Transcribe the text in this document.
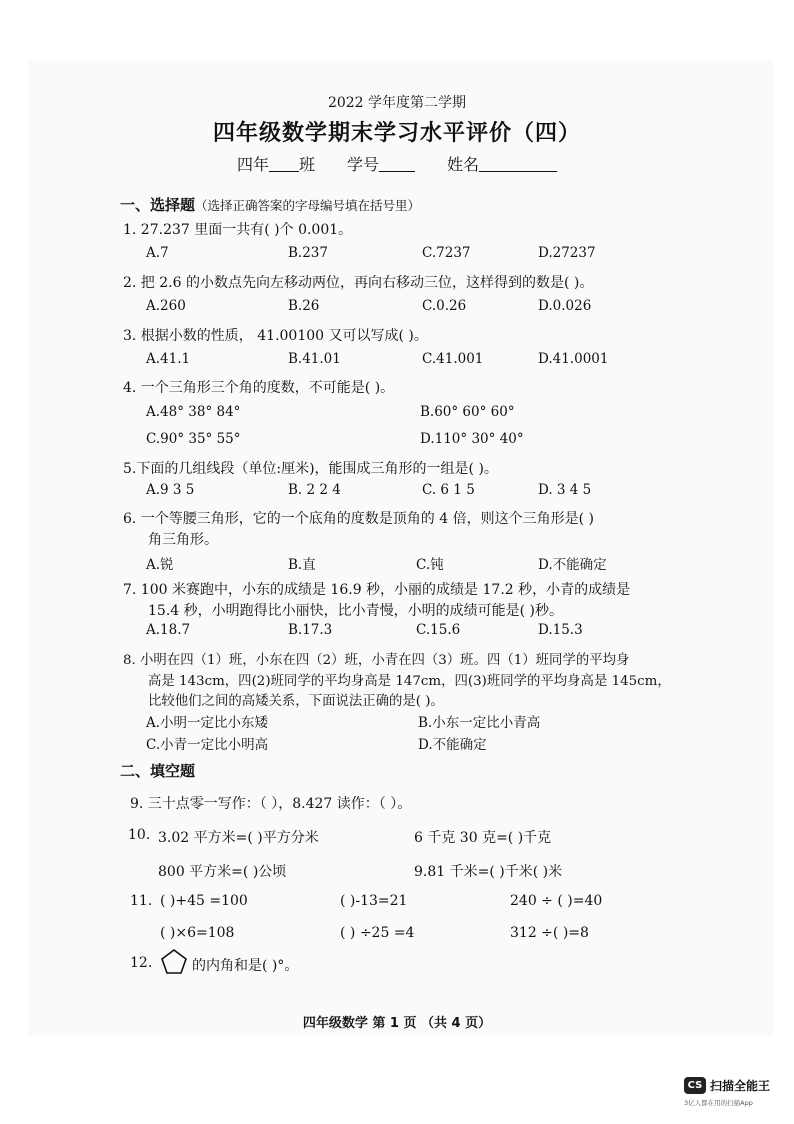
2022 学年度第二学期
四年级数学期末学习水平评价（四）
四年 班 学号	姓名
一、选择题（选择正确答案的字母编号填在括号里）
1. 27.237 里面一共有( )个 0.001。
A.7	B.237	C.7237	D.27237
2. 把 2.6 的小数点先向左移动两位，再向右移动三位，这样得到的数是( )。
A.260	B.26	C.0.26	D.0.026
3. 根据小数的性质， 41.00100 又可以写成( )。
A.41.1	B.41.01	C.41.001	D.41.0001
4. 一个三角形三个角的度数，不可能是( )。
A.48° 38° 84°	B.60° 60° 60°
C.90° 35° 55°	D.110° 30° 40°
5.下面的几组线段（单位:厘米)，能围成三角形的一组是( )。
A.9 3 5	B. 2 2 4	C. 6 1 5	D. 3 4 5
6. 一个等腰三角形，它的一个底角的度数是顶角的 4 倍，则这个三角形是( )
角三角形。
A.锐	B.直	C.钝	D.不能确定
7. 100 米赛跑中，小东的成绩是 16.9 秒，小丽的成绩是 17.2 秒，小青的成绩是
15.4 秒，小明跑得比小丽快，比小青慢，小明的成绩可能是( )秒。
A.18.7	B.17.3	C.15.6	D.15.3
8. 小明在四（1）班，小东在四（2）班，小青在四（3）班。四（1）班同学的平均身
高是 143cm，四(2)班同学的平均身高是 147cm，四(3)班同学的平均身高是 145cm，
比较他们之间的高矮关系，下面说法正确的是( )。
A.小明一定比小东矮	B.小东一定比小青高
C.小青一定比小明高	D.不能确定
二、填空题
9. 三十点零一写作：（ ），8.427 读作：（ ）。
10. 3.02 平方米=( )平方分米	6 千克 30 克=( )千克
800 平方米=( )公顷	9.81 千米=( )千米( )米
11. ( )+45 =100	( )-13=21	240 ÷ ( )=40
( )×6=108	( ) ÷25 =4	312 ÷( )=8
12.	的内角和是( )°。
四年级数学 第 1 页 （共 4 页）
CS 扫描全能王
3亿人都在用的扫描App
